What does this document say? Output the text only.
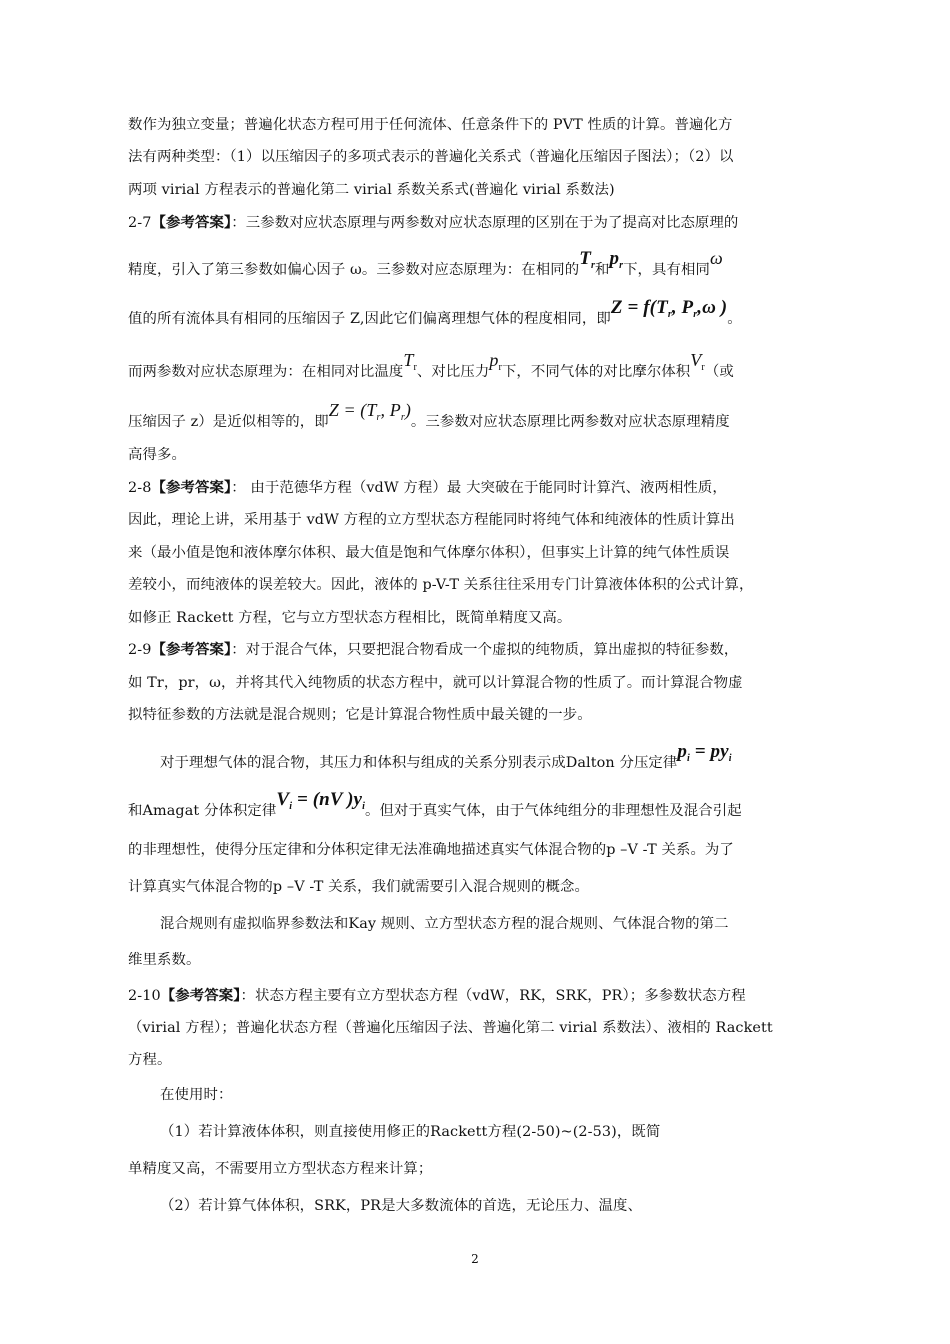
数作为独立变量；普遍化状态方程可用于任何流体、任意条件下的 PVT 性质的计算。普遍化方
法有两种类型：（1）以压缩因子的多项式表示的普遍化关系式（普遍化压缩因子图法）；（2）以
两项 virial 方程表示的普遍化第二 virial 系数关系式(普遍化 virial 系数法)
2-7【参考答案】：三参数对应状态原理与两参数对应状态原理的区别在于为了提高对比态原理的
精度，引入了第三参数如偏心因子 ω。三参数对应态原理为：在相同的$T_r$和$p_r$下，具有相同ω
值的所有流体具有相同的压缩因子 Z,因此它们偏离理想气体的程度相同，即$Z = f(T_r$, $P_r,\omega$ )。
而两参数对应状态原理为：在相同对比温度$T_r$、对比压力$p_r$下，不同气体的对比摩尔体积$V_r$（或
压缩因子 z）是近似相等的，即$Z = (T_r$, $P_r$)。三参数对应状态原理比两参数对应状态原理精度
高得多。
2-8【参考答案】： 由于范德华方程（vdW 方程）最 大突破在于能同时计算汽、液两相性质，
因此，理论上讲，采用基于 vdW 方程的立方型状态方程能同时将纯气体和纯液体的性质计算出
来（最小值是饱和液体摩尔体积、最大值是饱和气体摩尔体积），但事实上计算的纯气体性质误
差较小，而纯液体的误差较大。因此，液体的 p-V-T 关系往往采用专门计算液体体积的公式计算，
如修正 Rackett 方程，它与立方型状态方程相比，既简单精度又高。
2-9【参考答案】：对于混合气体，只要把混合物看成一个虚拟的纯物质，算出虚拟的特征参数，
如 Tr，pr，ω，并将其代入纯物质的状态方程中，就可以计算混合物的性质了。而计算混合物虚
拟特征参数的方法就是混合规则；它是计算混合物性质中最关键的一步。
对于理想气体的混合物，其压力和体积与组成的关系分别表示成Dalton 分压定律$p_i = py_i$
和Amagat 分体积定律$V_i = (nV$ )$y_i$。但对于真实气体，由于气体纯组分的非理想性及混合引起
的非理想性，使得分压定律和分体积定律无法准确地描述真实气体混合物的p –V -T 关系。为了
计算真实气体混合物的p –V -T 关系，我们就需要引入混合规则的概念。
混合规则有虚拟临界参数法和Kay 规则、立方型状态方程的混合规则、气体混合物的第二
维里系数。
2-10【参考答案】：状态方程主要有立方型状态方程（vdW，RK，SRK，PR）；多参数状态方程
（virial 方程）；普遍化状态方程（普遍化压缩因子法、普遍化第二 virial 系数法）、液相的 Rackett
方程。
在使用时：
（1）若计算液体体积，则直接使用修正的Rackett方程(2-50)~(2-53)，既简
单精度又高，不需要用立方型状态方程来计算；
（2）若计算气体体积，SRK，PR是大多数流体的首选，无论压力、温度、
2
